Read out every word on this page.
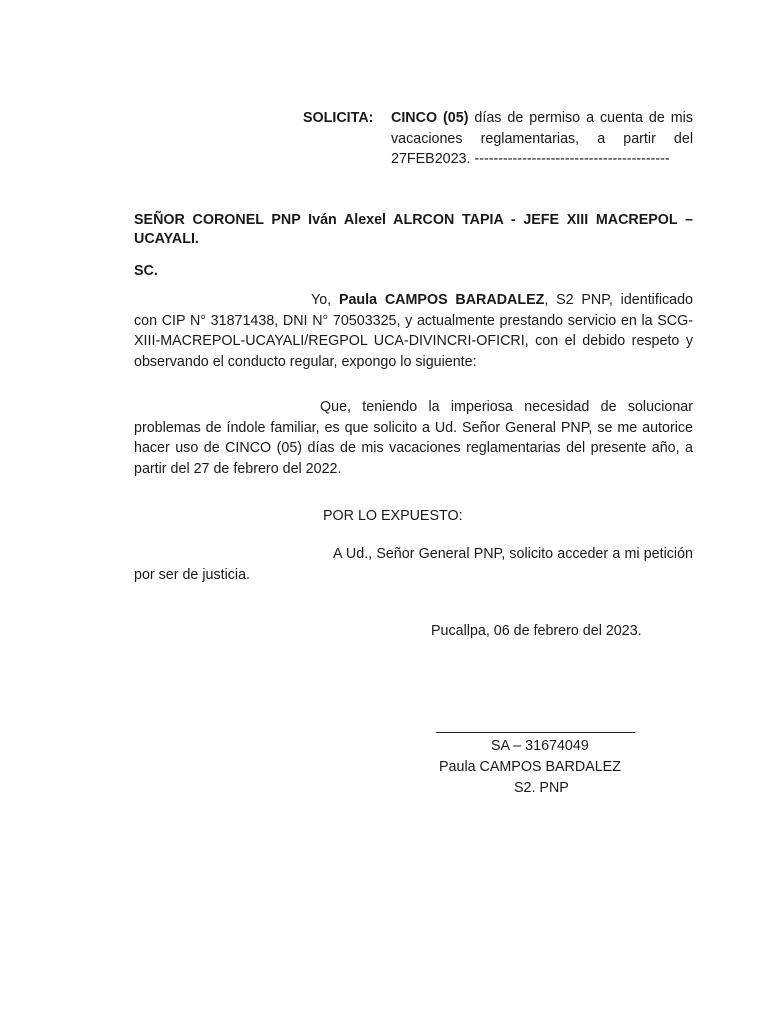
SOLICITA: CINCO (05) días de permiso a cuenta de mis vacaciones reglamentarias, a partir del 27FEB2023. -----------------------------------------
SEÑOR CORONEL PNP Iván Alexel ALRCON TAPIA - JEFE XIII MACREPOL – UCAYALI.
SC.
Yo, Paula CAMPOS BARADALEZ, S2 PNP, identificado con CIP N° 31871438, DNI N° 70503325, y actualmente prestando servicio en la SCG-XIII-MACREPOL-UCAYALI/REGPOL UCA-DIVINCRI-OFICRI, con el debido respeto y observando el conducto regular, expongo lo siguiente:
Que, teniendo la imperiosa necesidad de solucionar problemas de índole familiar, es que solicito a Ud. Señor General PNP, se me autorice hacer uso de CINCO (05) días de mis vacaciones reglamentarias del presente año, a partir del 27 de febrero del 2022.
POR LO EXPUESTO:
A Ud., Señor General PNP, solicito acceder a mi petición por ser de justicia.
Pucallpa, 06 de febrero del 2023.
___________________________
SA – 31674049
Paula CAMPOS BARDALEZ
S2. PNP
